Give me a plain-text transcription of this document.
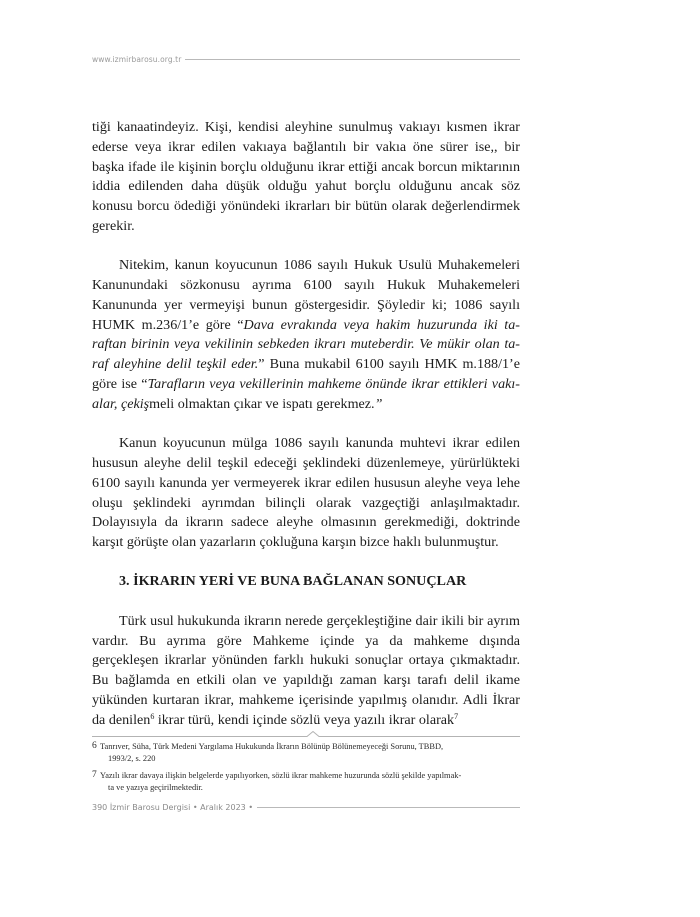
www.izmirbarosu.org.tr

tiği kanaatindeyiz. Kişi, kendisi aleyhine sunulmuş vakıayı kısmen ikrar ederse veya ikrar edilen vakıaya bağlantılı bir vakıa öne sürer ise,, bir başka ifade ile kişinin borçlu olduğunu ikrar ettiği ancak borcun miktarının iddia edilenden daha düşük olduğu yahut borçlu olduğunu ancak söz konusu borcu ödediği yönündeki ikrarları bir bütün olarak değerlendirmek gerekir.

Nitekim, kanun koyucunun 1086 sayılı Hukuk Usulü Muhakemeleri Kanunundaki sözkonusu ayrıma 6100 sayılı Hukuk Muhakemeleri Kanununda yer vermeyişi bunun göstergesidir. Şöyledir ki; 1086 sayılı HUMK m.236/1’e göre “Dava evrakında veya hakim huzurunda iki taraftan birinin veya vekilinin sebkeden ikrarı muteberdir. Ve mükir olan taraf aleyhine delil teşkil eder.” Buna mukabil 6100 sayılı HMK m.188/1’e göre ise “Tarafların veya vekillerinin mahkeme önünde ikrar ettikleri vakıalar, çekişmeli olmaktan çıkar ve ispatı gerekmez.”

Kanun koyucunun mülga 1086 sayılı kanunda muhtevi ikrar edilen hususun aleyhe delil teşkil edeceği şeklindeki düzenlemeye, yürürlükteki 6100 sayılı kanunda yer vermeyerek ikrar edilen hususun aleyhe veya lehe oluşu şeklindeki ayrımdan bilinçli olarak vazgeçtiği anlaşılmaktadır. Dolayısıyla da ikrarın sadece aleyhe olmasının gerekmediği, doktrinde karşıt görüşte olan yazarların çokluğuna karşın bizce haklı bulunmuştur.

3. İKRARIN YERİ VE BUNA BAĞLANAN SONUÇLAR

Türk usul hukukunda ikrarın nerede gerçekleştiğine dair ikili bir ayrım vardır. Bu ayrıma göre Mahkeme içinde ya da mahkeme dışında gerçekleşen ikrarlar yönünden farklı hukuki sonuçlar ortaya çıkmaktadır. Bu bağlamda en etkili olan ve yapıldığı zaman karşı tarafı delil ikame yükünden kurtaran ikrar, mahkeme içerisinde yapılmış olanıdır. Adli İkrar da denilen$^6$ ikrar türü, kendi içinde sözlü veya yazılı ikrar olarak$^7$

6 Tanrıver, Süha, Türk Medeni Yargılama Hukukunda İkrarın Bölünüp Bölünemeyeceği Sorunu, TBBD,
1993/2, s. 220
7 Yazılı ikrar davaya ilişkin belgelerde yapılıyorken, sözlü ikrar mahkeme huzurunda sözlü şekilde yapılmak-
ta ve yazıya geçirilmektedir.
390 İzmir Barosu Dergisi • Aralık 2023 •
